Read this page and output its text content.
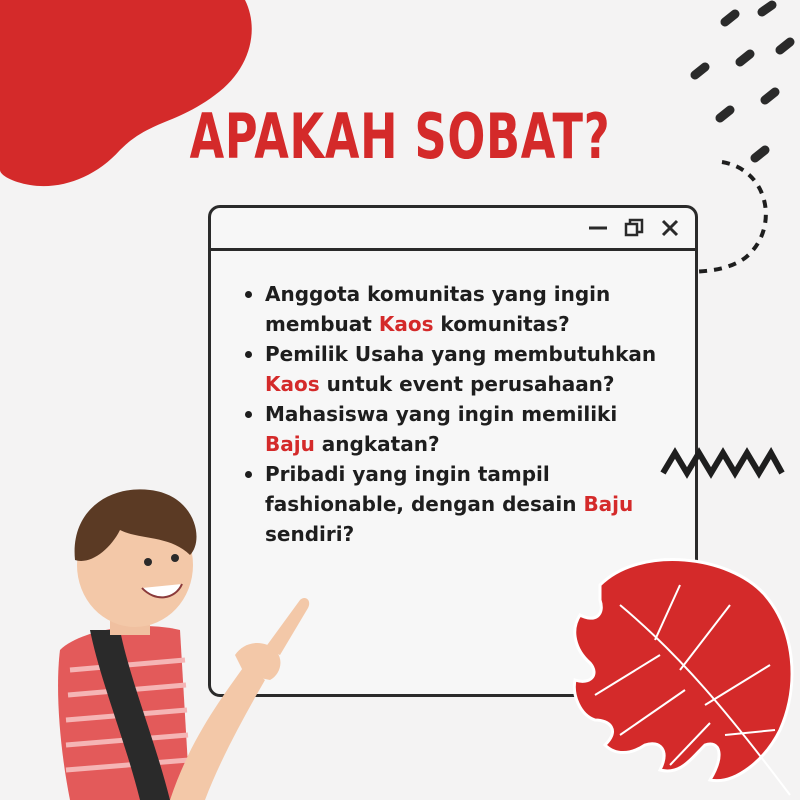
APAKAH SOBAT?
Anggota komunitas yang ingin membuat Kaos komunitas?
Pemilik Usaha yang membutuhkan Kaos untuk event perusahaan?
Mahasiswa yang ingin memiliki Baju angkatan?
Pribadi yang ingin tampil fashionable, dengan desain Baju sendiri?
